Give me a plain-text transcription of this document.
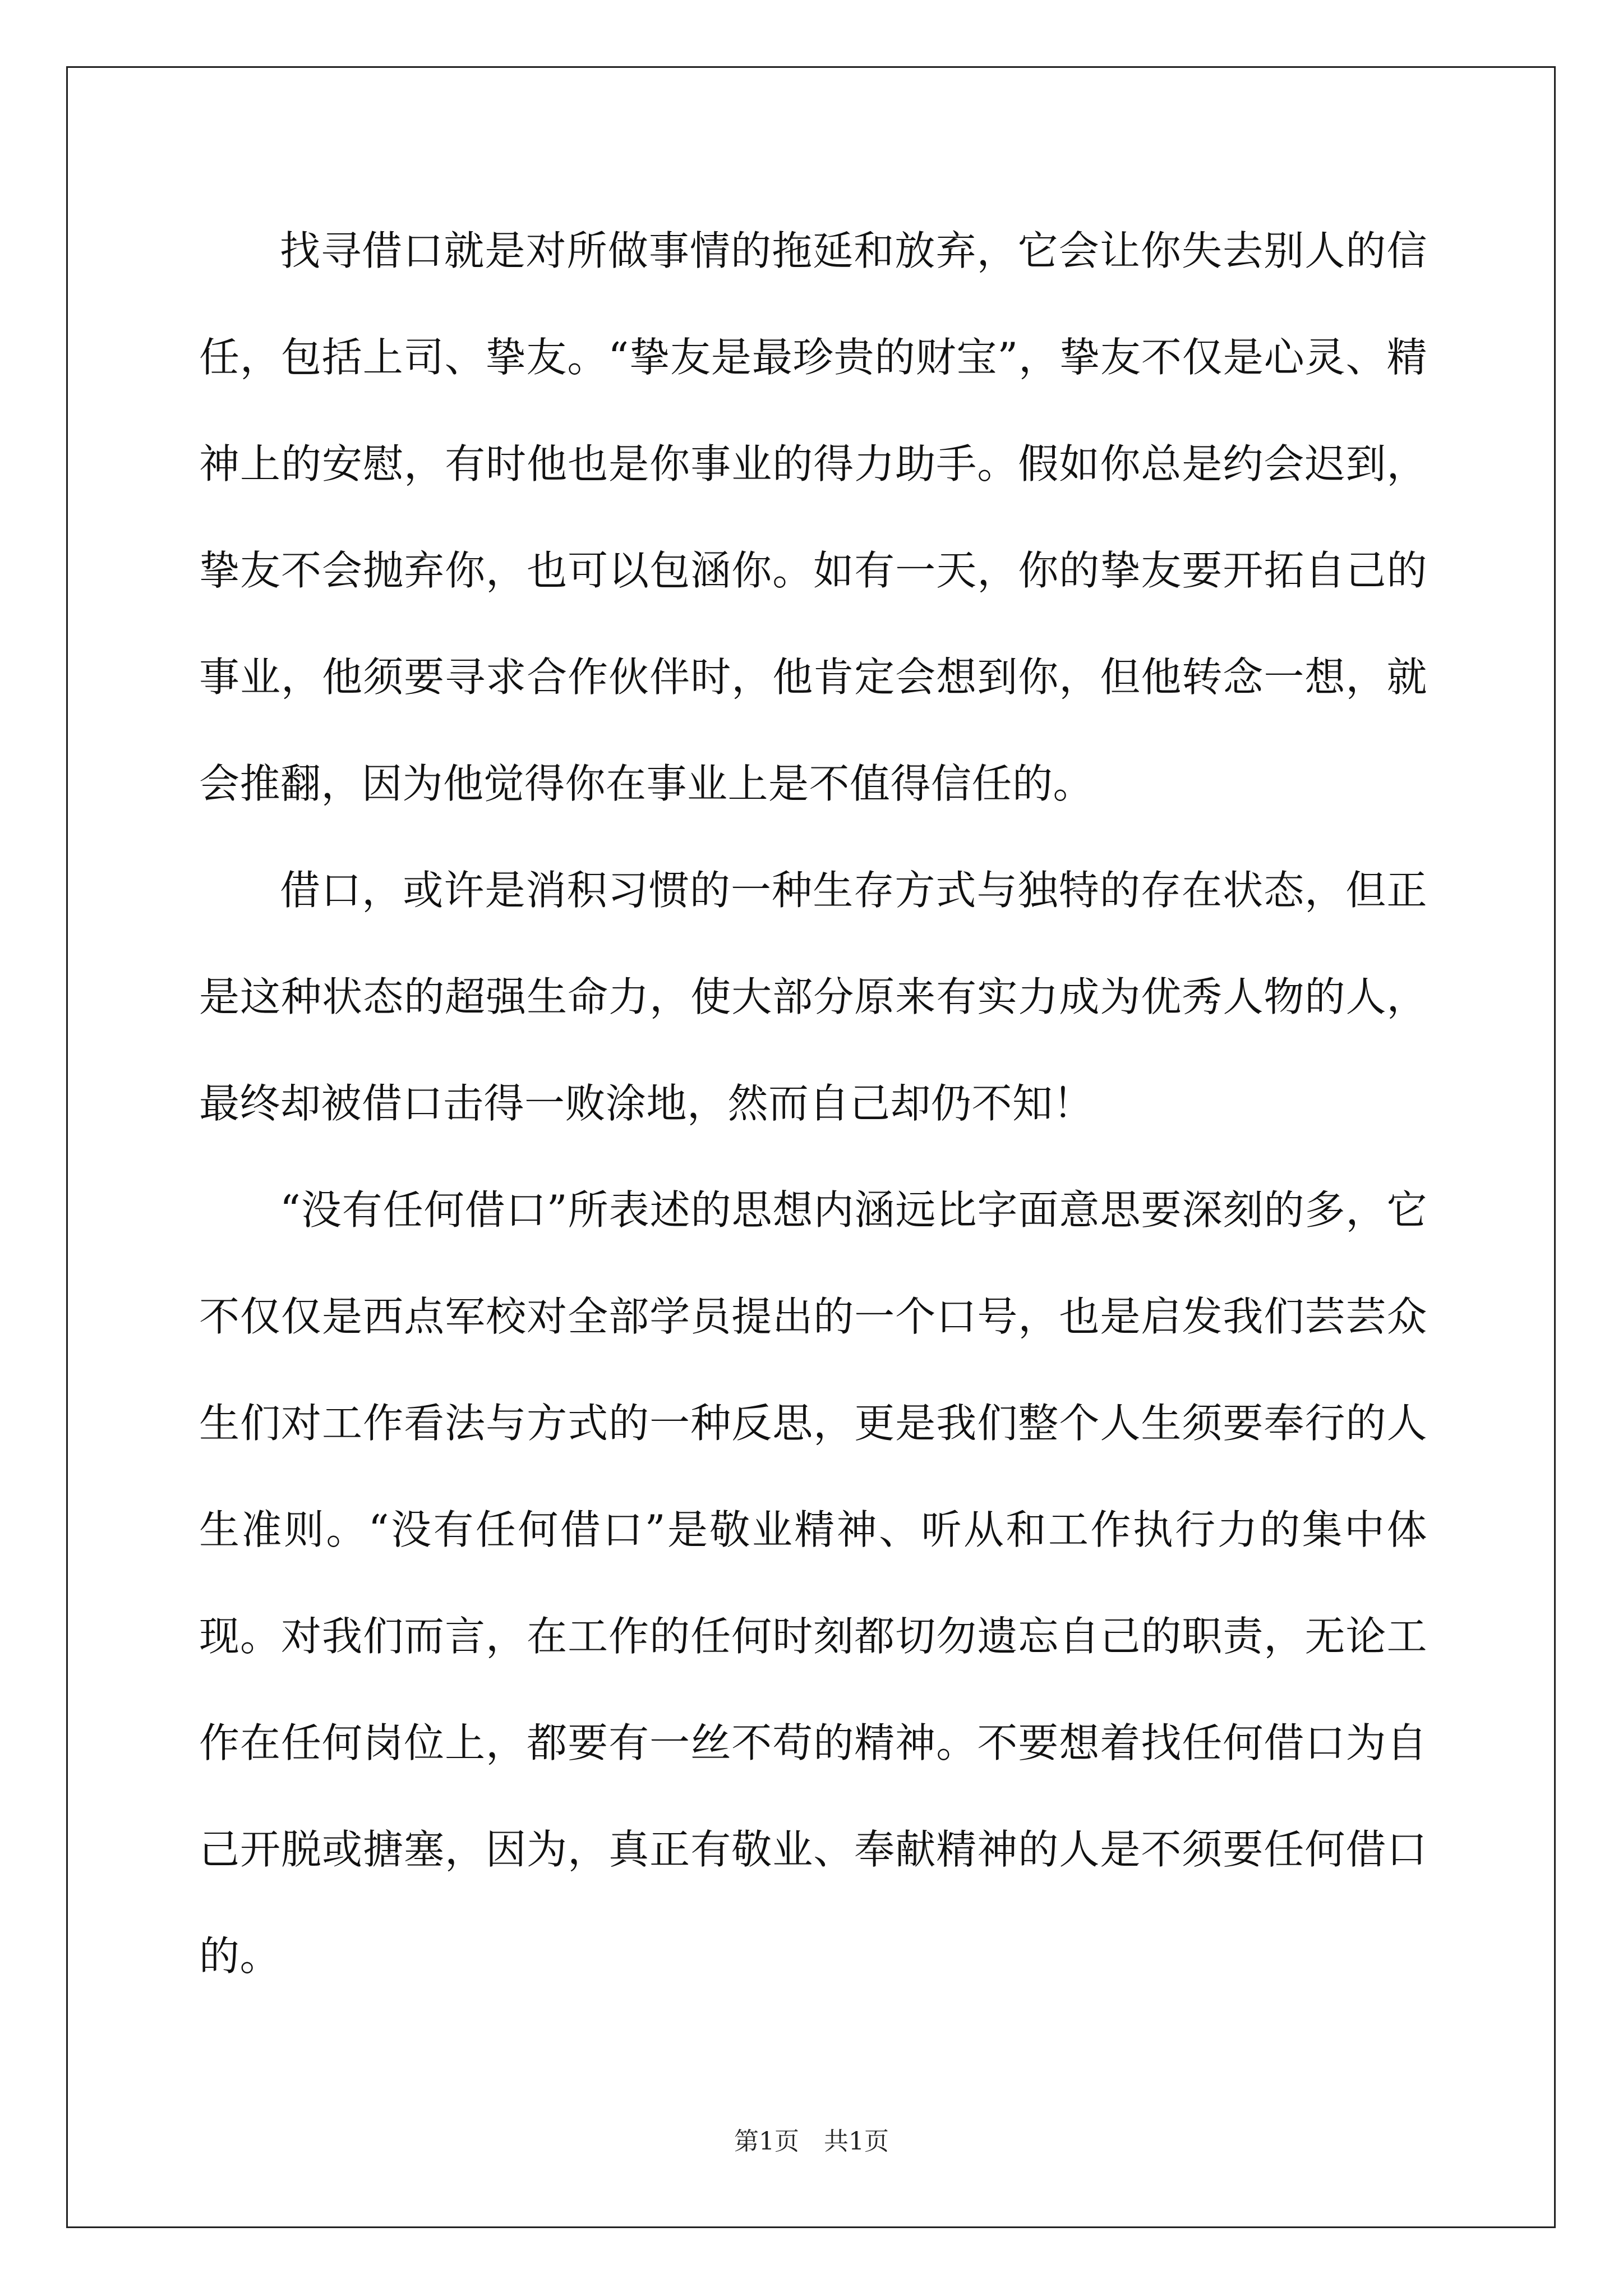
找寻借口就是对所做事情的拖延和放弃，它会让你失去别人的信任，包括上司、挚友。“挚友是最珍贵的财宝”，挚友不仅是心灵、精神上的安慰，有时他也是你事业的得力助手。假如你总是约会迟到，挚友不会抛弃你，也可以包涵你。如有一天，你的挚友要开拓自己的事业，他须要寻求合作伙伴时，他肯定会想到你，但他转念一想，就会推翻，因为他觉得你在事业上是不值得信任的。

借口，或许是消积习惯的一种生存方式与独特的存在状态，但正是这种状态的超强生命力，使大部分原来有实力成为优秀人物的人，最终却被借口击得一败涂地，然而自己却仍不知！

“没有任何借口”所表述的思想内涵远比字面意思要深刻的多，它不仅仅是西点军校对全部学员提出的一个口号，也是启发我们芸芸众生们对工作看法与方式的一种反思，更是我们整个人生须要奉行的人生准则。“没有任何借口”是敬业精神、听从和工作执行力的集中体现。对我们而言，在工作的任何时刻都切勿遗忘自己的职责，无论工作在任何岗位上，都要有一丝不苟的精神。不要想着找任何借口为自己开脱或搪塞，因为，真正有敬业、奉献精神的人是不须要任何借口的。

第1页　共1页
